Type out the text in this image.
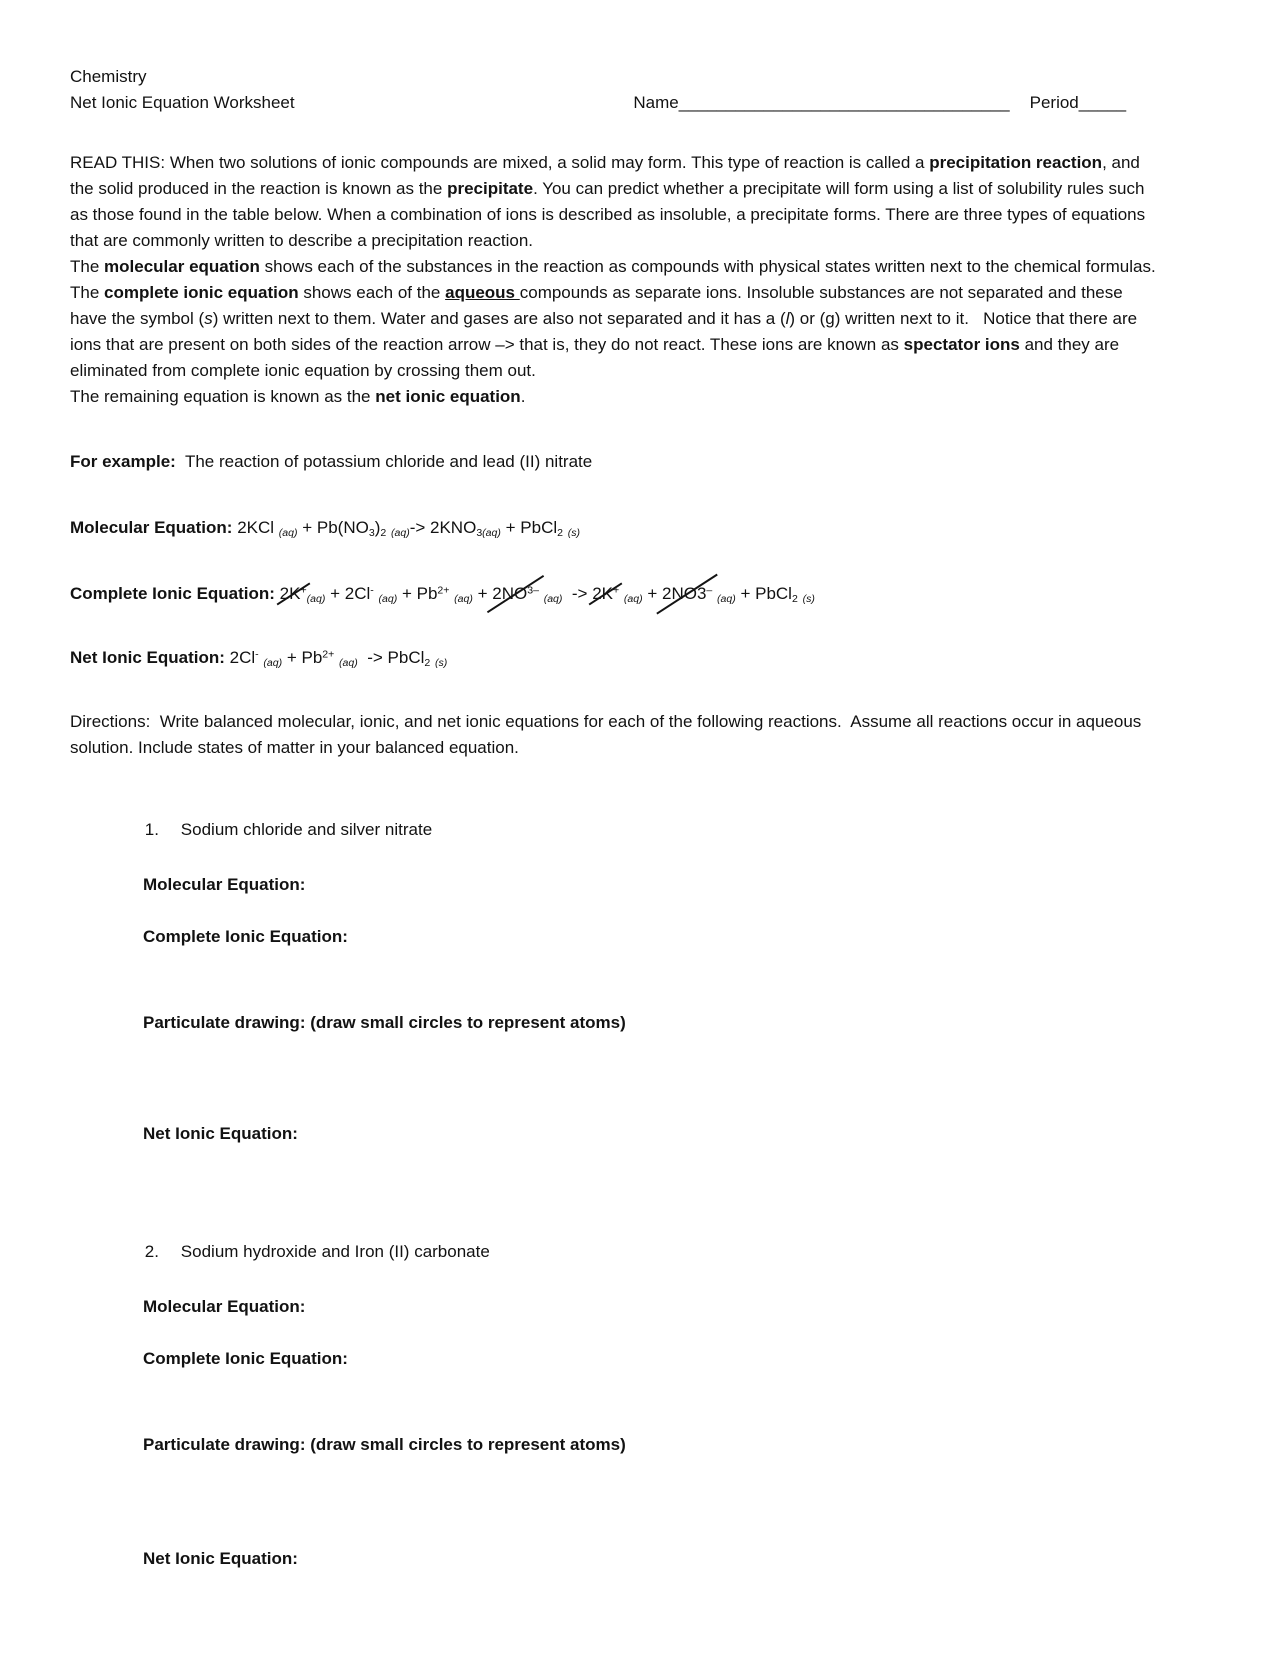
Chemistry
Net Ionic Equation Worksheet	Name___________________________________ Period_____

READ THIS: When two solutions of ionic compounds are mixed, a solid may form. This type of reaction is called a precipitation reaction, and the solid produced in the reaction is known as the precipitate. You can predict whether a precipitate will form using a list of solubility rules such as those found in the table below. When a combination of ions is described as insoluble, a precipitate forms. There are three types of equations that are commonly written to describe a precipitation reaction.

The molecular equation shows each of the substances in the reaction as compounds with physical states written next to the chemical formulas.

The complete ionic equation shows each of the aqueous compounds as separate ions. Insoluble substances are not separated and these have the symbol (s) written next to them. Water and gases are also not separated and it has a (l) or (g) written next to it.   Notice that there are ions that are present on both sides of the reaction arrow –> that is, they do not react. These ions are known as spectator ions and they are eliminated from complete ionic equation by crossing them out.

The remaining equation is known as the net ionic equation.

For example:  The reaction of potassium chloride and lead (II) nitrate
Molecular Equation: 2KCl $_{(aq)} + Pb(NO_3)_2$ $_{(aq)}-> 2KNO_{3(aq)}$ + PbCl$_2$ $_{(s)}$
Complete Ionic Equation: $2K^+_{(aq)} + 2Cl^-$ $_{(aq)} + Pb^{2+}$ $_{(aq)} + 2NO^{3-}$ $_{(aq)}$  -> 2K+ $_{(aq)}$ + 2NO3– $_{(aq)}$ + PbCl$_2$ $_{(s)}$
Net Ionic Equation: 2Cl- $_{(aq)} + Pb^{2+}$ $_{(aq)}$  -> PbCl$_2$ $_{(s)}$

Directions:  Write balanced molecular, ionic, and net ionic equations for each of the following reactions.  Assume all reactions occur in aqueous solution. Include states of matter in your balanced equation.

1. Sodium chloride and silver nitrate

Molecular Equation:
Complete Ionic Equation:
Particulate drawing: (draw small circles to represent atoms)
Net Ionic Equation:

2. Sodium hydroxide and Iron (II) carbonate

Molecular Equation:
Complete Ionic Equation:
Particulate drawing: (draw small circles to represent atoms)
Net Ionic Equation:
